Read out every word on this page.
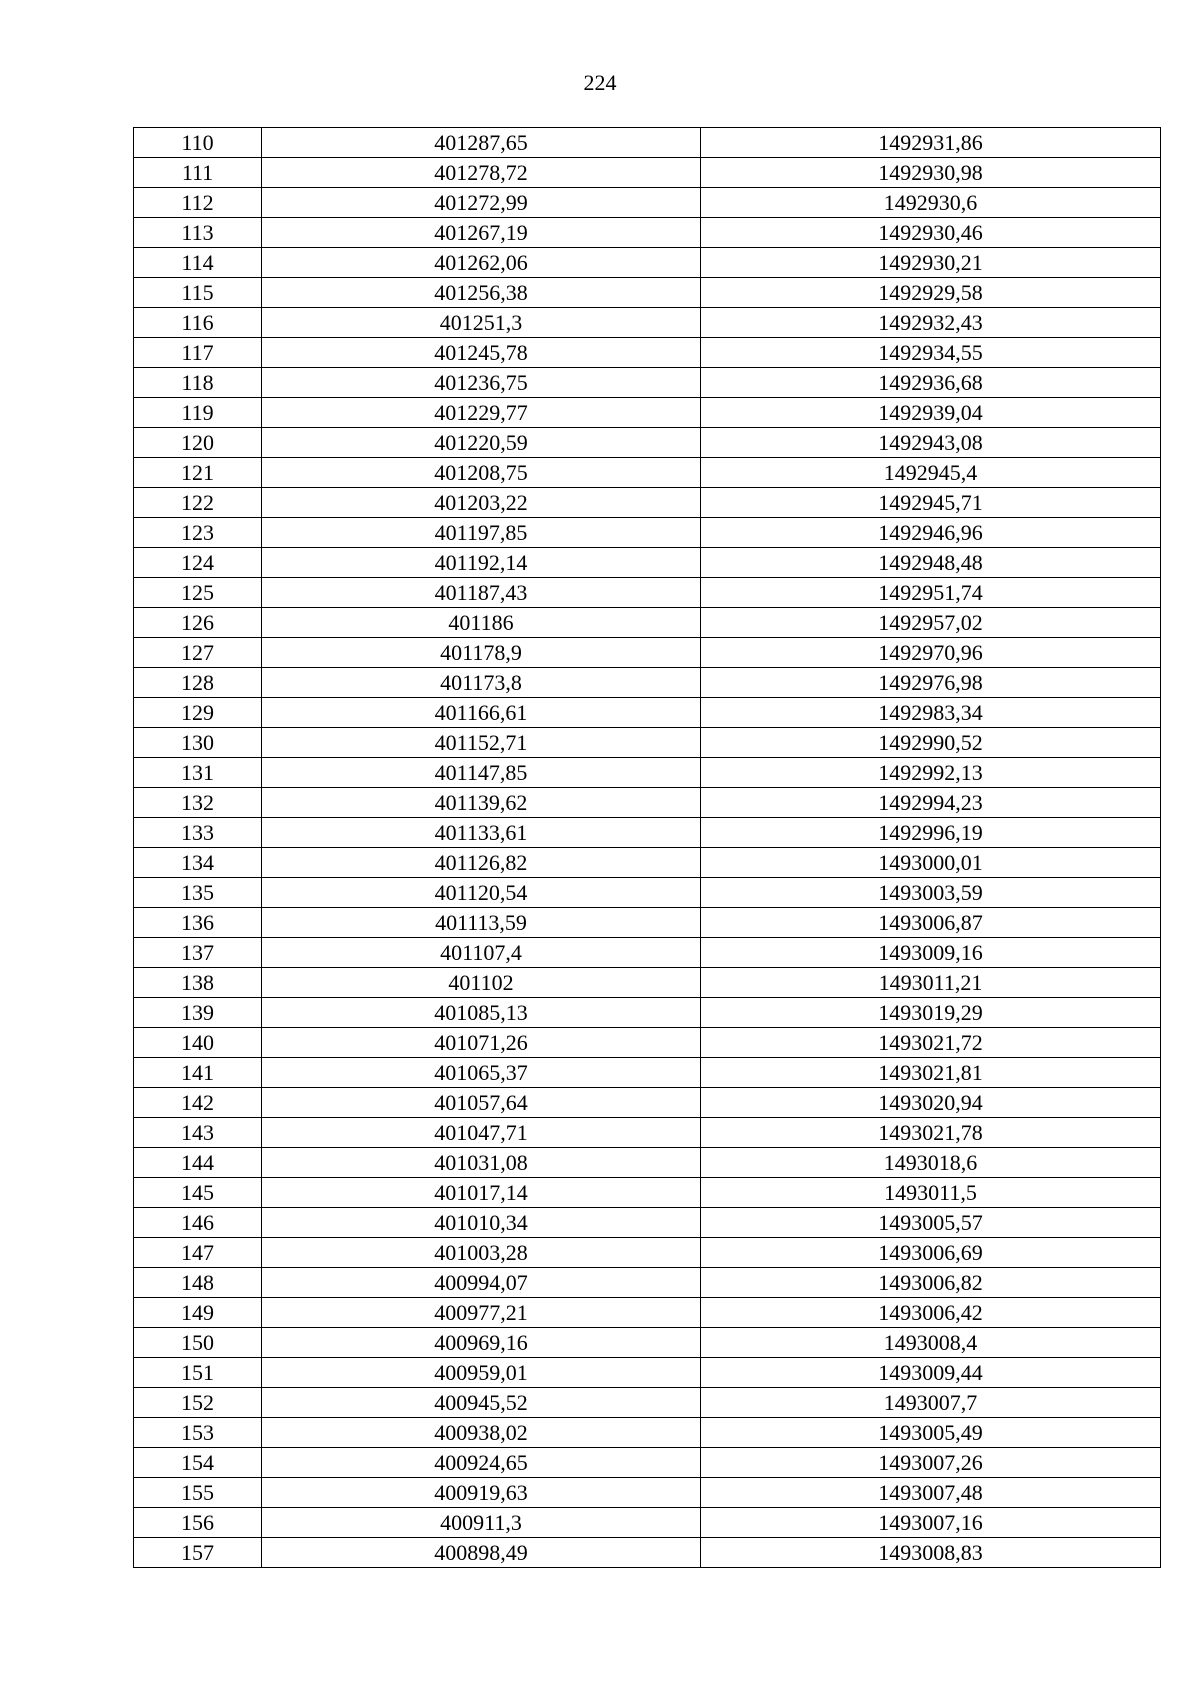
224
110	401287,65	1492931,86
111	401278,72	1492930,98
112	401272,99	1492930,6
113	401267,19	1492930,46
114	401262,06	1492930,21
115	401256,38	1492929,58
116	401251,3	1492932,43
117	401245,78	1492934,55
118	401236,75	1492936,68
119	401229,77	1492939,04
120	401220,59	1492943,08
121	401208,75	1492945,4
122	401203,22	1492945,71
123	401197,85	1492946,96
124	401192,14	1492948,48
125	401187,43	1492951,74
126	401186	1492957,02
127	401178,9	1492970,96
128	401173,8	1492976,98
129	401166,61	1492983,34
130	401152,71	1492990,52
131	401147,85	1492992,13
132	401139,62	1492994,23
133	401133,61	1492996,19
134	401126,82	1493000,01
135	401120,54	1493003,59
136	401113,59	1493006,87
137	401107,4	1493009,16
138	401102	1493011,21
139	401085,13	1493019,29
140	401071,26	1493021,72
141	401065,37	1493021,81
142	401057,64	1493020,94
143	401047,71	1493021,78
144	401031,08	1493018,6
145	401017,14	1493011,5
146	401010,34	1493005,57
147	401003,28	1493006,69
148	400994,07	1493006,82
149	400977,21	1493006,42
150	400969,16	1493008,4
151	400959,01	1493009,44
152	400945,52	1493007,7
153	400938,02	1493005,49
154	400924,65	1493007,26
155	400919,63	1493007,48
156	400911,3	1493007,16
157	400898,49	1493008,83
